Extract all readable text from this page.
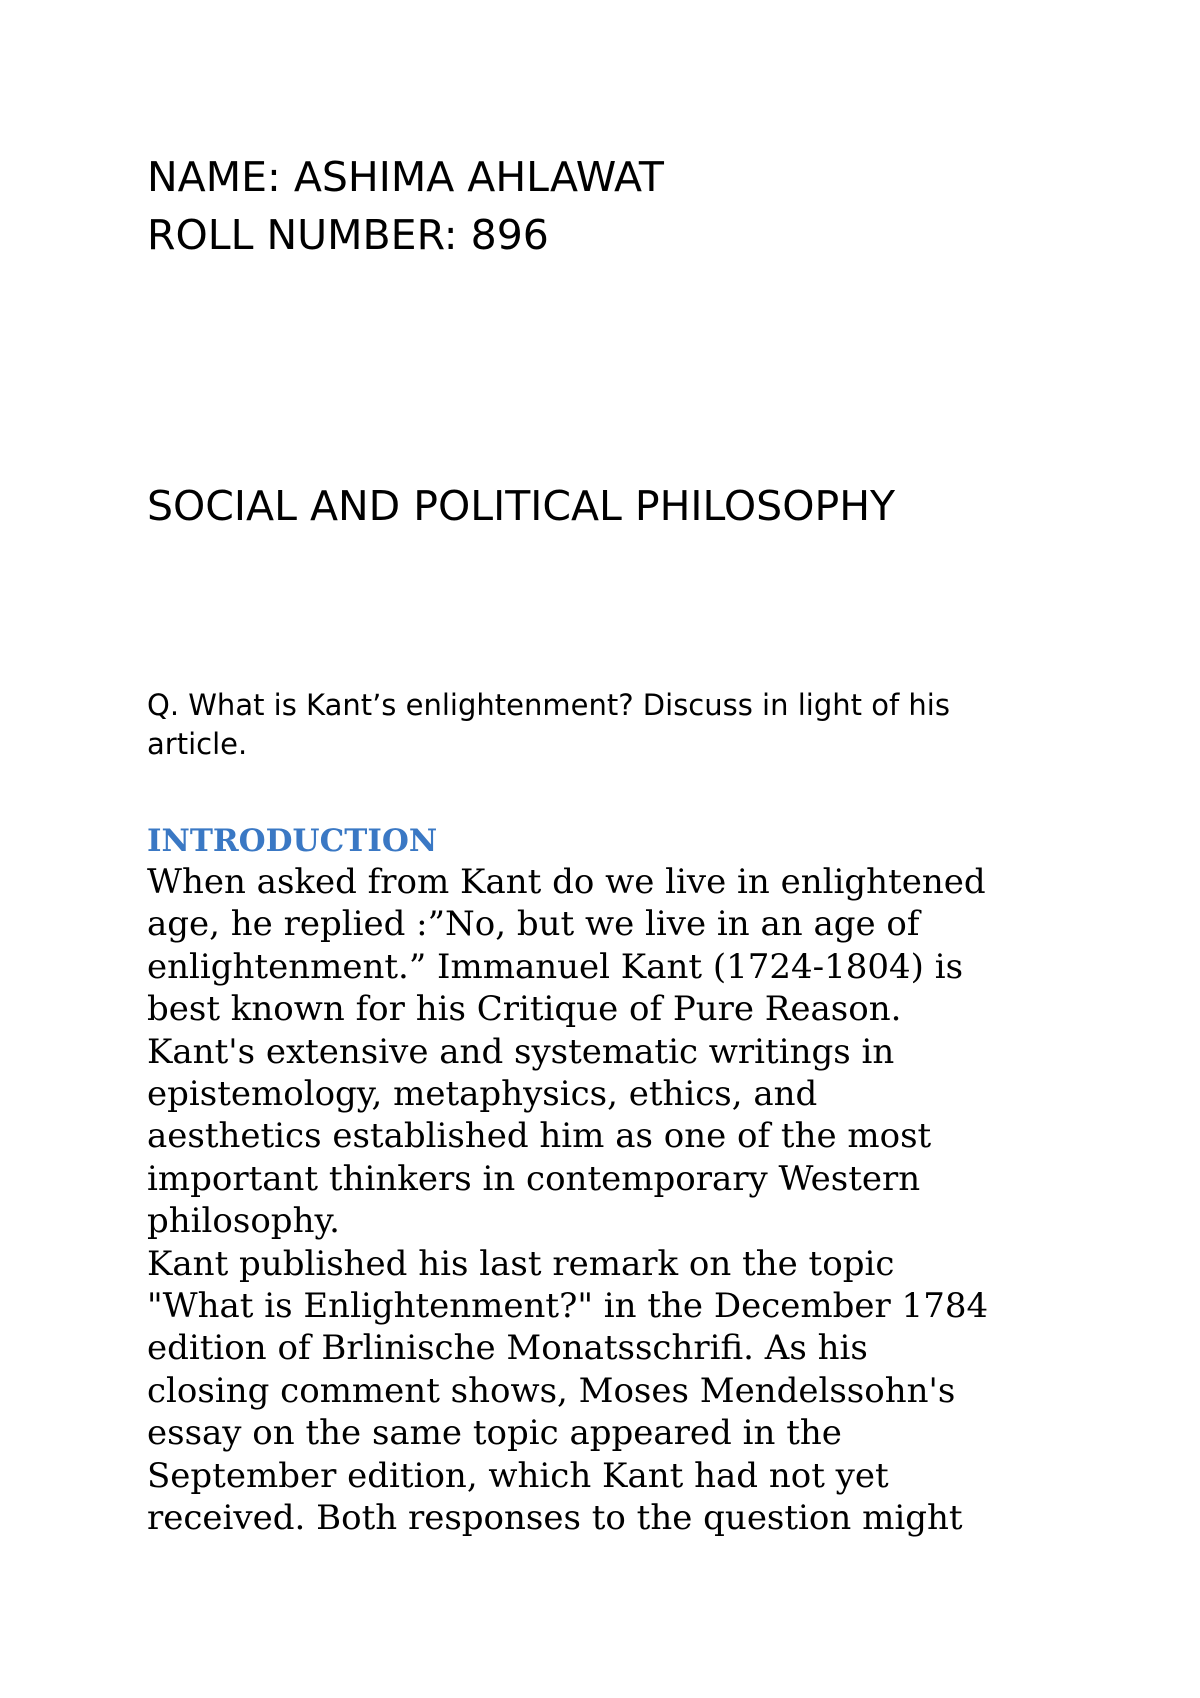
NAME: ASHIMA AHLAWAT
ROLL NUMBER: 896
SOCIAL AND POLITICAL PHILOSOPHY
Q. What is Kant’s enlightenment? Discuss in light of his
article.
INTRODUCTION
When asked from Kant do we live in enlightened
age, he replied :”No, but we live in an age of
enlightenment.” Immanuel Kant (1724-1804) is
best known for his Critique of Pure Reason.
Kant's extensive and systematic writings in
epistemology, metaphysics, ethics, and
aesthetics established him as one of the most
important thinkers in contemporary Western
philosophy.
Kant published his last remark on the topic
"What is Enlightenment?" in the December 1784
edition of Brlinische Monatsschrifi. As his
closing comment shows, Moses Mendelssohn's
essay on the same topic appeared in the
September edition, which Kant had not yet
received. Both responses to the question might
